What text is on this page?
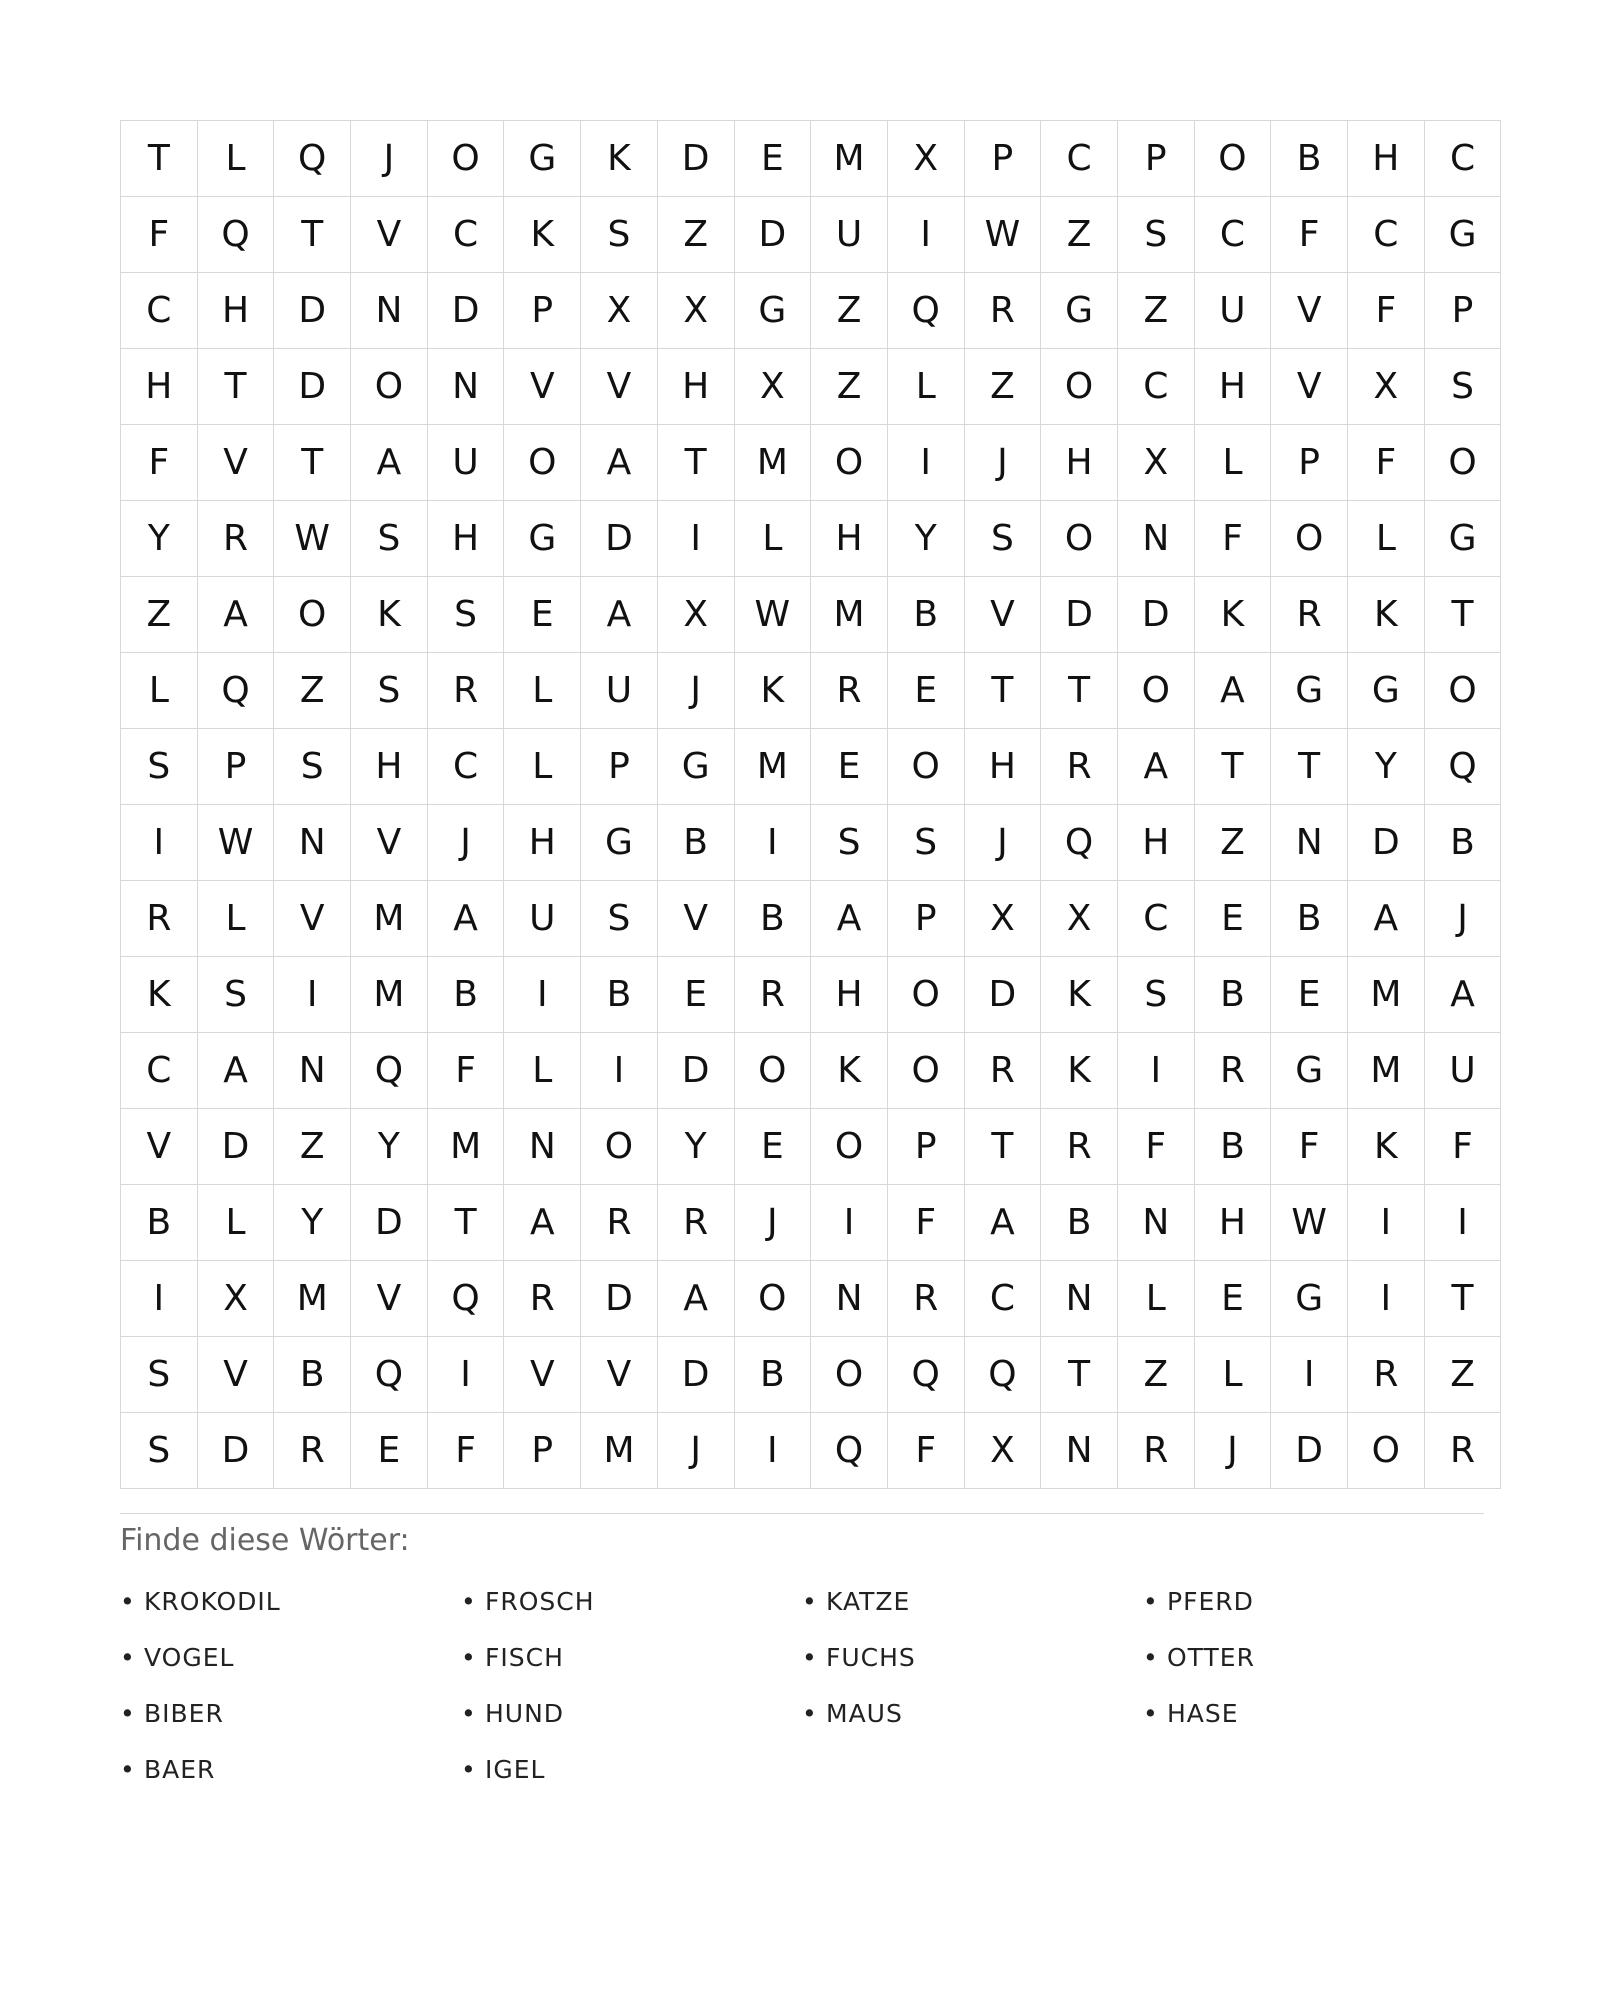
T	L	Q	J	O	G	K	D	E	M	X	P	C	P	O	B	H	C
F	Q	T	V	C	K	S	Z	D	U	I	W	Z	S	C	F	C	G
C	H	D	N	D	P	X	X	G	Z	Q	R	G	Z	U	V	F	P
H	T	D	O	N	V	V	H	X	Z	L	Z	O	C	H	V	X	S
F	V	T	A	U	O	A	T	M	O	I	J	H	X	L	P	F	O
Y	R	W	S	H	G	D	I	L	H	Y	S	O	N	F	O	L	G
Z	A	O	K	S	E	A	X	W	M	B	V	D	D	K	R	K	T
L	Q	Z	S	R	L	U	J	K	R	E	T	T	O	A	G	G	O
S	P	S	H	C	L	P	G	M	E	O	H	R	A	T	T	Y	Q
I	W	N	V	J	H	G	B	I	S	S	J	Q	H	Z	N	D	B
R	L	V	M	A	U	S	V	B	A	P	X	X	C	E	B	A	J
K	S	I	M	B	I	B	E	R	H	O	D	K	S	B	E	M	A
C	A	N	Q	F	L	I	D	O	K	O	R	K	I	R	G	M	U
V	D	Z	Y	M	N	O	Y	E	O	P	T	R	F	B	F	K	F
B	L	Y	D	T	A	R	R	J	I	F	A	B	N	H	W	I	I
I	X	M	V	Q	R	D	A	O	N	R	C	N	L	E	G	I	T
S	V	B	Q	I	V	V	D	B	O	Q	Q	T	Z	L	I	R	Z
S	D	R	E	F	P	M	J	I	Q	F	X	N	R	J	D	O	R
Finde diese Wörter:
• KROKODIL	• FROSCH	• KATZE	• PFERD
• VOGEL	• FISCH	• FUCHS	• OTTER
• BIBER	• HUND	• MAUS	• HASE
• BAER	• IGEL
